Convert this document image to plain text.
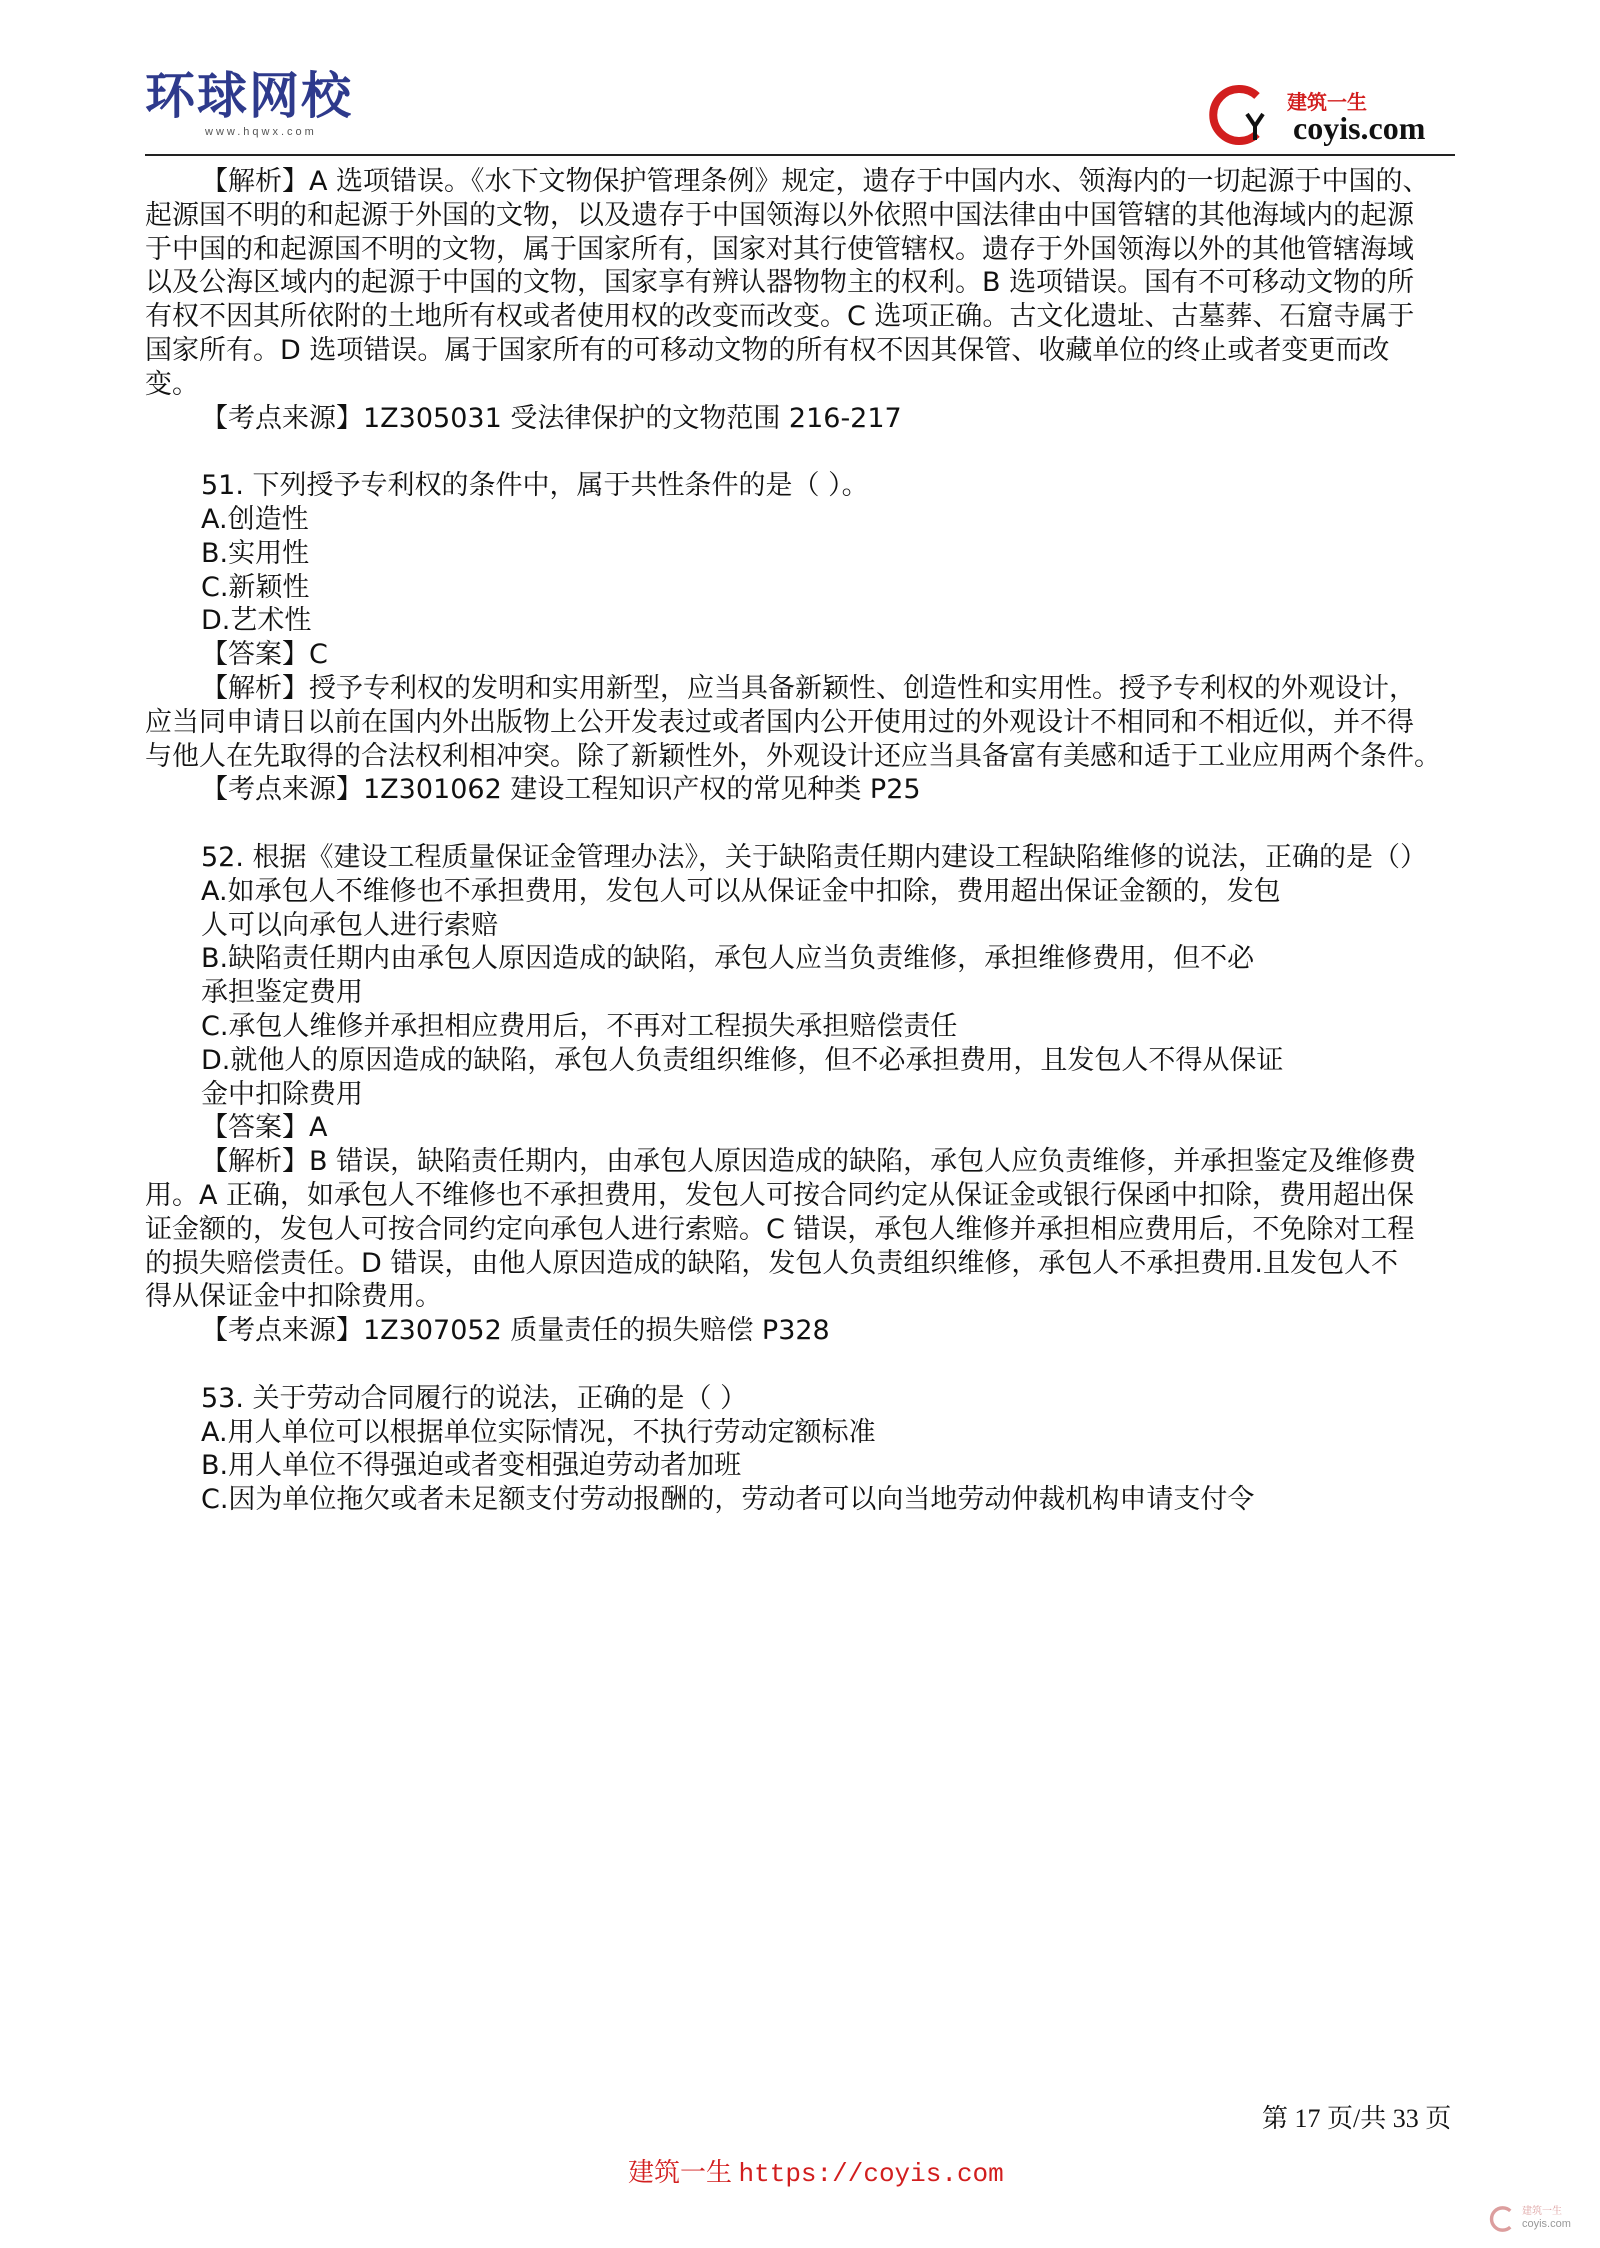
环球网校
www.hqwx.com
建筑一生
coyis.com
【解析】A 选项错误。《水下文物保护管理条例》规定，遗存于中国内水、领海内的一切起源于中国的、
起源国不明的和起源于外国的文物，以及遗存于中国领海以外依照中国法律由中国管辖的其他海域内的起源
于中国的和起源国不明的文物，属于国家所有，国家对其行使管辖权。遗存于外国领海以外的其他管辖海域
以及公海区域内的起源于中国的文物，国家享有辨认器物物主的权利。B 选项错误。国有不可移动文物的所
有权不因其所依附的土地所有权或者使用权的改变而改变。C 选项正确。古文化遗址、古墓葬、石窟寺属于
国家所有。D 选项错误。属于国家所有的可移动文物的所有权不因其保管、收藏单位的终止或者变更而改
变。
【考点来源】1Z305031 受法律保护的文物范围 216-217
51. 下列授予专利权的条件中，属于共性条件的是（ ）。
A.创造性
B.实用性
C.新颖性
D.艺术性
【答案】C
【解析】授予专利权的发明和实用新型，应当具备新颖性、创造性和实用性。授予专利权的外观设计，
应当同申请日以前在国内外出版物上公开发表过或者国内公开使用过的外观设计不相同和不相近似，并不得
与他人在先取得的合法权利相冲突。除了新颖性外，外观设计还应当具备富有美感和适于工业应用两个条件。
【考点来源】1Z301062 建设工程知识产权的常见种类 P25
52. 根据《建设工程质量保证金管理办法》，关于缺陷责任期内建设工程缺陷维修的说法，正确的是（）
A.如承包人不维修也不承担费用，发包人可以从保证金中扣除，费用超出保证金额的，发包
人可以向承包人进行索赔
B.缺陷责任期内由承包人原因造成的缺陷，承包人应当负责维修，承担维修费用，但不必
承担鉴定费用
C.承包人维修并承担相应费用后，不再对工程损失承担赔偿责任
D.就他人的原因造成的缺陷，承包人负责组织维修，但不必承担费用，且发包人不得从保证
金中扣除费用
【答案】A
【解析】B 错误，缺陷责任期内，由承包人原因造成的缺陷，承包人应负责维修，并承担鉴定及维修费
用。A 正确，如承包人不维修也不承担费用，发包人可按合同约定从保证金或银行保函中扣除，费用超出保
证金额的，发包人可按合同约定向承包人进行索赔。C 错误，承包人维修并承担相应费用后，不免除对工程
的损失赔偿责任。D 错误，由他人原因造成的缺陷，发包人负责组织维修，承包人不承担费用.且发包人不
得从保证金中扣除费用。
【考点来源】1Z307052 质量责任的损失赔偿 P328
53. 关于劳动合同履行的说法，正确的是（ ）
A.用人单位可以根据单位实际情况，不执行劳动定额标准
B.用人单位不得强迫或者变相强迫劳动者加班
C.因为单位拖欠或者未足额支付劳动报酬的，劳动者可以向当地劳动仲裁机构申请支付令
第 17 页/共 33 页
建筑一生 https://coyis.com
建筑一生
coyis.com
